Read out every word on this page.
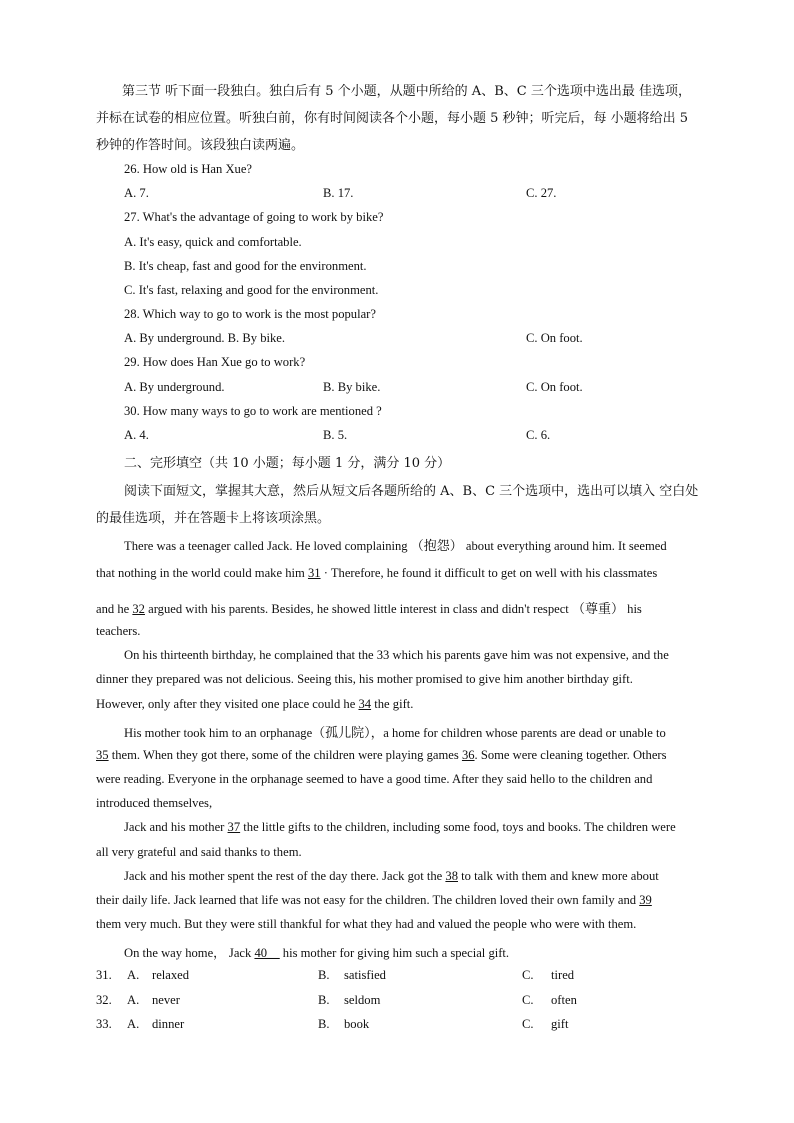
第三节 听下面一段独白。独白后有 5 个小题，从题中所给的 A、B、C 三个选项中选出最 佳选项，
并标在试卷的相应位置。听独白前，你有时间阅读各个小题，每小题 5 秒钟；听完后，每 小题将给出 5
秒钟的作答时间。该段独白读两遍。
26. How old is Han Xue?
A. 7.	B. 17.	C. 27.
27. What's the advantage of going to work by bike?
A. It's easy, quick and comfortable.
B. It's cheap, fast and good for the environment.
C. It's fast, relaxing and good for the environment.
28. Which way to go to work is the most popular?
A. By underground. B. By bike.	C. On foot.
29. How does Han Xue go to work?
A. By underground.	B. By bike.	C. On foot.
30. How many ways to go to work are mentioned ?
A. 4.	B. 5.	C. 6.
二、完形填空（共 10 小题；每小题 1 分，满分 10 分）
阅读下面短文，掌握其大意，然后从短文后各题所给的 A、B、C 三个选项中，选出可以填入 空白处
的最佳选项，并在答题卡上将该项涂黑。
There was a teenager called Jack. He loved complaining （抱怨） about everything around him. It seemed
that nothing in the world could make him 31 · Therefore, he found it difficult to get on well with his classmates
and he 32 argued with his parents. Besides, he showed little interest in class and didn't respect （尊重） his
teachers.
On his thirteenth birthday, he complained that the 33 which his parents gave him was not expensive, and the
dinner they prepared was not delicious. Seeing this, his mother promised to give him another birthday gift.
However, only after they visited one place could he 34 the gift.
His mother took him to an orphanage（孤儿院），a home for children whose parents are dead or unable to
35 them. When they got there, some of the children were playing games 36. Some were cleaning together. Others
were reading. Everyone in the orphanage seemed to have a good time. After they said hello to the children and
introduced themselves,
Jack and his mother 37 the little gifts to the children, including some food, toys and books. The children were
all very grateful and said thanks to them.
Jack and his mother spent the rest of the day there. Jack got the 38 to talk with them and knew more about
their daily life. Jack learned that life was not easy for the children. The children loved their own family and 39
them very much. But they were still thankful for what they had and valued the people who were with them.
On the way home， Jack 40__ his mother for giving him such a special gift.
31. A. relaxed	B. satisfied	C. tired
32. A. never	B. seldom	C. often
33. A. dinner	B. book	C. gift
